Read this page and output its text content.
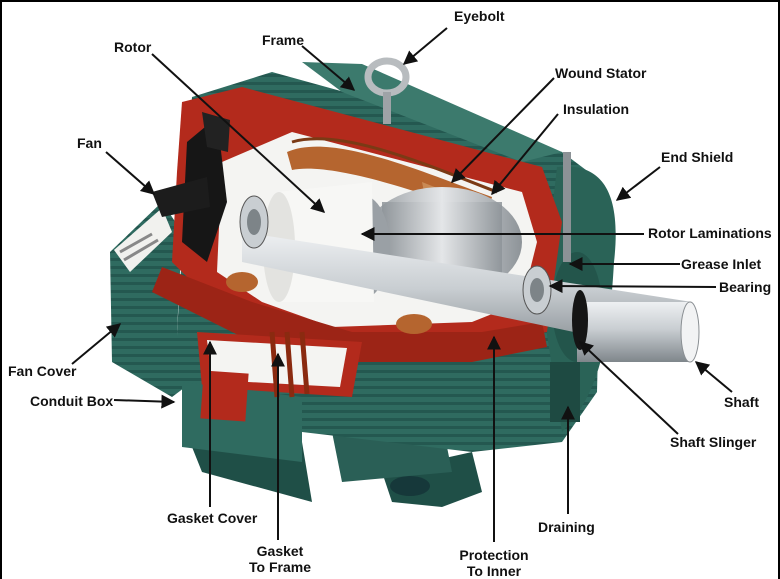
Eyebolt
Frame
Rotor
Wound Stator
Insulation
Fan
End Shield
Rotor Laminations
Grease Inlet
Bearing
Fan Cover
Conduit Box	Shaft
Shaft Slinger
Gasket Cover
Gasket
To Frame
Draining
Protection
To Inner
